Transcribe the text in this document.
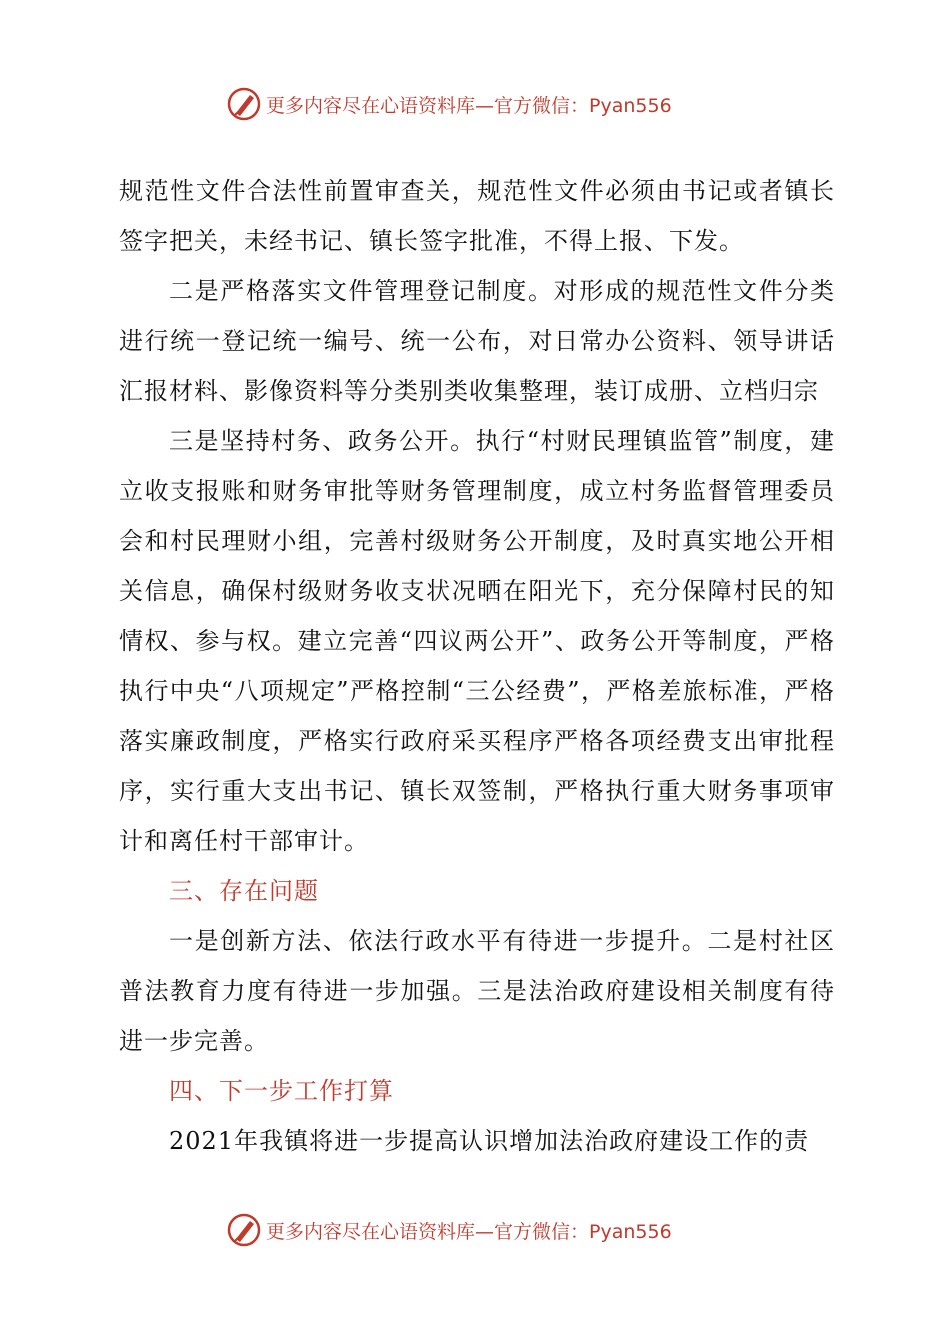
更多内容尽在心语资料库—官方微信：Pyan556

规范性文件合法性前置审查关，规范性文件必须由书记或者镇长签字把关，未经书记、镇长签字批准，不得上报、下发。

二是严格落实文件管理登记制度。对形成的规范性文件分类进行统一登记统一编号、统一公布，对日常办公资料、领导讲话汇报材料、影像资料等分类别类收集整理，装订成册、立档归宗

三是坚持村务、政务公开。执行“村财民理镇监管”制度，建立收支报账和财务审批等财务管理制度，成立村务监督管理委员会和村民理财小组，完善村级财务公开制度，及时真实地公开相关信息，确保村级财务收支状况晒在阳光下，充分保障村民的知情权、参与权。建立完善“四议两公开”、政务公开等制度，严格执行中央“八项规定”严格控制“三公经费”，严格差旅标准，严格落实廉政制度，严格实行政府采买程序严格各项经费支出审批程序，实行重大支出书记、镇长双签制，严格执行重大财务事项审计和离任村干部审计。

三、存在问题

一是创新方法、依法行政水平有待进一步提升。二是村社区普法教育力度有待进一步加强。三是法治政府建设相关制度有待进一步完善。

四、下一步工作打算

2021年我镇将进一步提高认识增加法治政府建设工作的责

更多内容尽在心语资料库—官方微信：Pyan556
